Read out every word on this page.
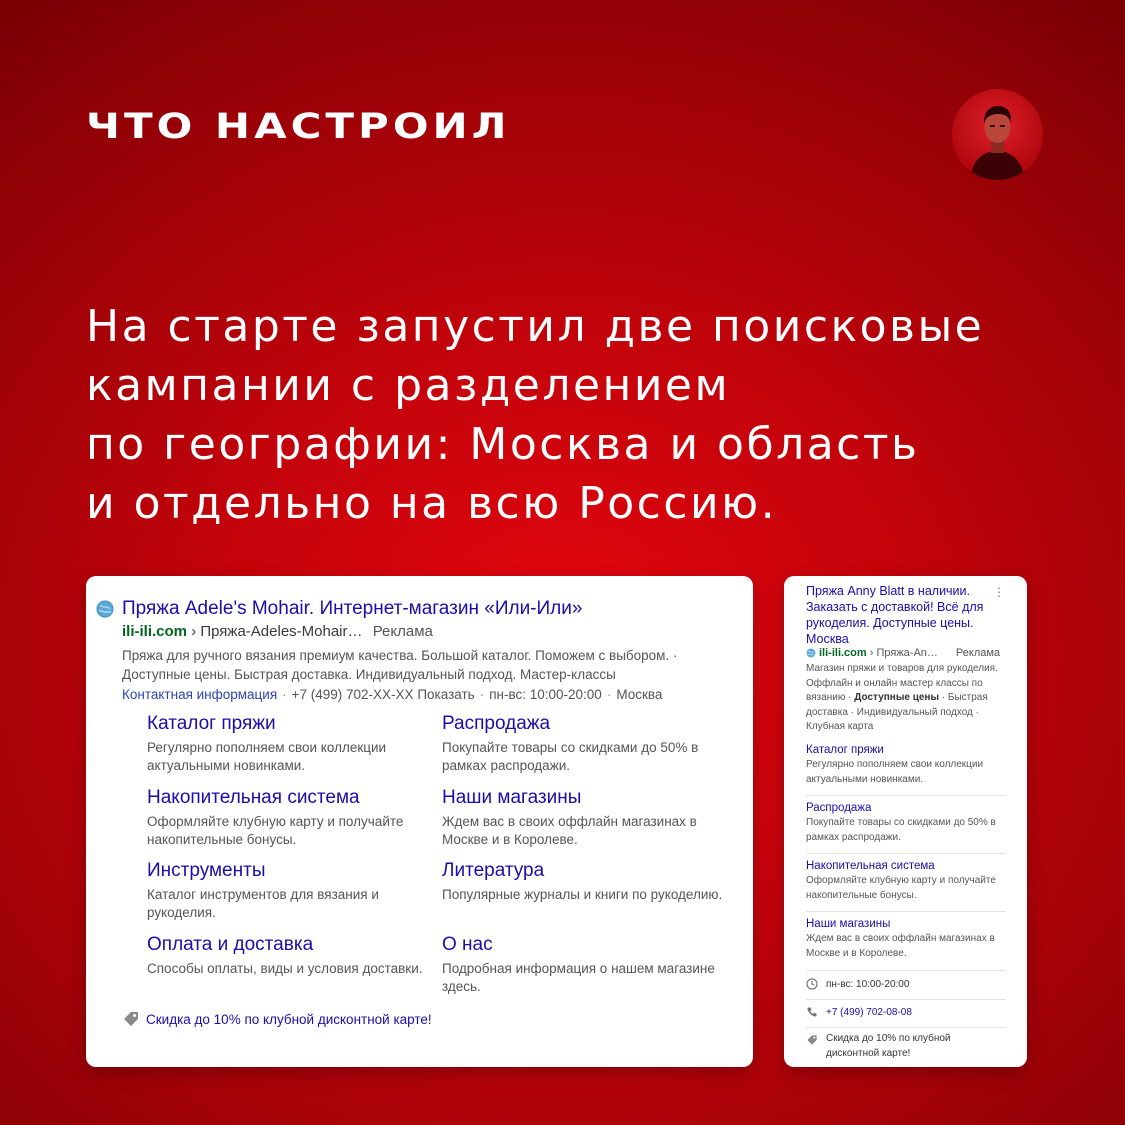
ЧТО НАСТРОИЛ
На старте запустил две поисковые
кампании с разделением
по географии: Москва и область
и отдельно на всю Россию.
Пряжа Adele's Mohair. Интернет-магазин «Или-Или»
ili-ili.com › Пряжа-Adeles-Mohair… Реклама
Пряжа для ручного вязания премиум качества. Большой каталог. Поможем с выбором. · Доступные цены. Быстрая доставка. Индивидуальный подход. Мастер-классы
Контактная информация · +7 (499) 702-ХХ-ХХ Показать · пн-вс: 10:00-20:00 · Москва
Каталог пряжи
Регулярно пополняем свои коллекции актуальными новинками.
Распродажа
Покупайте товары со скидками до 50% в рамках распродажи.
Накопительная система
Оформляйте клубную карту и получайте накопительные бонусы.
Наши магазины
Ждем вас в своих оффлайн магазинах в Москве и в Королеве.
Инструменты
Каталог инструментов для вязания и рукоделия.
Литература
Популярные журналы и книги по рукоделию.
Оплата и доставка
Способы оплаты, виды и условия доставки.
О нас
Подробная информация о нашем магазине здесь.
Скидка до 10% по клубной дисконтной карте!
Пряжа Anny Blatt в наличии. Заказать с доставкой! Всё для рукоделия. Доступные цены. Москва
⋮
ili-ili.com
› Пряжа-An… Реклама
Магазин пряжи и товаров для рукоделия. Оффлайн и онлайн мастер классы по вязанию · Доступные цены · Быстрая доставка · Индивидуальный подход · Клубная карта
Каталог пряжи
Регулярно пополняем свои коллекции актуальными новинками.
Распродажа
Покупайте товары со скидками до 50% в рамках распродажи.
Накопительная система
Оформляйте клубную карту и получайте накопительные бонусы.
Наши магазины
Ждем вас в своих оффлайн магазинах в Москве и в Королеве.
пн-вс: 10:00-20:00
+7 (499) 702-08-08
Скидка до 10% по клубной дисконтной карте!
